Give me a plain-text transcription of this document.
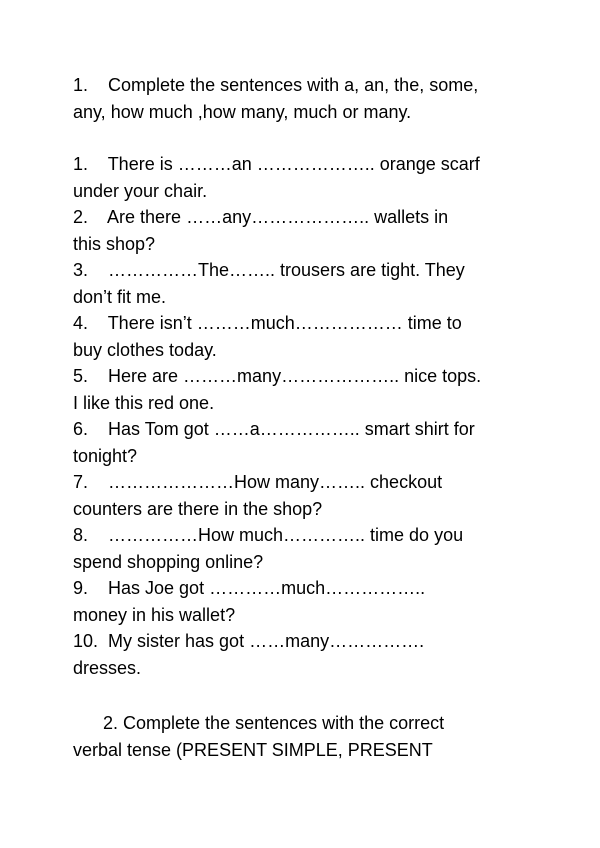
1.    Complete the sentences with a, an, the, some,

any, how much ,how many, much or many.

1.    There is ………an ……………….. orange scarf

under your chair.

2.    Are there ……any……………….. wallets in

this shop?

3.    ……………The…….. trousers are tight. They

don’t fit me.

4.    There isn’t ………much……………… time to

buy clothes today.

5.    Here are ………many……………….. nice tops.

I like this red one.

6.    Has Tom got ……a…………….. smart shirt for

tonight?

7.    …………………How many…….. checkout

counters are there in the shop?

8.    ……………How much………….. time do you

spend shopping online?

9.    Has Joe got …………much……………..

money in his wallet?

10.  My sister has got ……many…………….

dresses.

2. Complete the sentences with the correct

verbal tense (PRESENT SIMPLE, PRESENT
